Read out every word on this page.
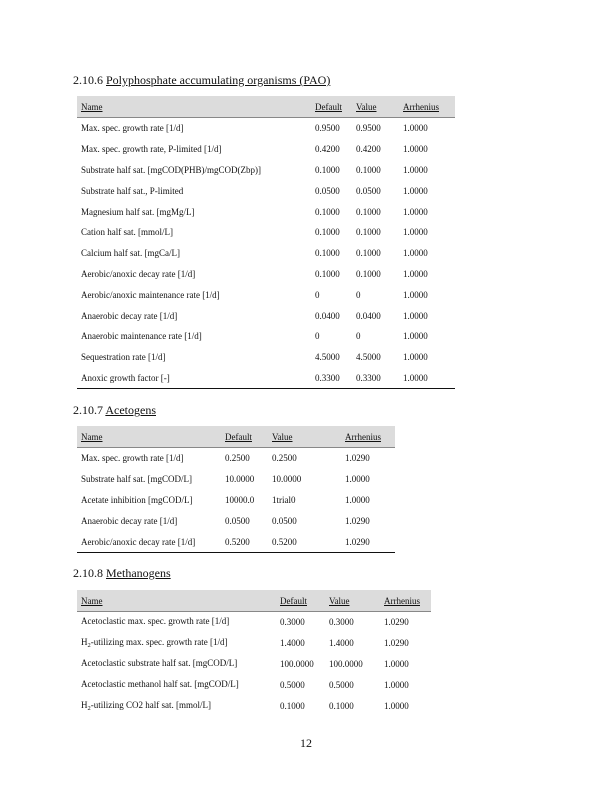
2.10.6 Polyphosphate accumulating organisms (PAO)
Name	Default	Value	Arrhenius
Max. spec. growth rate [1/d]	0.9500	0.9500	1.0000
Max. spec. growth rate, P-limited [1/d]	0.4200	0.4200	1.0000
Substrate half sat. [mgCOD(PHB)/mgCOD(Zbp)]	0.1000	0.1000	1.0000
Substrate half sat., P-limited	0.0500	0.0500	1.0000
Magnesium half sat. [mgMg/L]	0.1000	0.1000	1.0000
Cation half sat. [mmol/L]	0.1000	0.1000	1.0000
Calcium half sat. [mgCa/L]	0.1000	0.1000	1.0000
Aerobic/anoxic decay rate [1/d]	0.1000	0.1000	1.0000
Aerobic/anoxic maintenance rate [1/d]	0	0	1.0000
Anaerobic decay rate [1/d]	0.0400	0.0400	1.0000
Anaerobic maintenance rate [1/d]	0	0	1.0000
Sequestration rate [1/d]	4.5000	4.5000	1.0000
Anoxic growth factor [-]	0.3300	0.3300	1.0000
2.10.7 Acetogens
Name	Default	Value	Arrhenius
Max. spec. growth rate [1/d]	0.2500	0.2500	1.0290
Substrate half sat. [mgCOD/L]	10.0000	10.0000	1.0000
Acetate inhibition [mgCOD/L]	10000.0	1trial0	1.0000
Anaerobic decay rate [1/d]	0.0500	0.0500	1.0290
Aerobic/anoxic decay rate [1/d]	0.5200	0.5200	1.0290
2.10.8 Methanogens
Name	Default	Value	Arrhenius
Acetoclastic max. spec. growth rate [1/d]	0.3000	0.3000	1.0290
$H_2$-utilizing max. spec. growth rate [1/d]	1.4000	1.4000	1.0290
Acetoclastic substrate half sat. [mgCOD/L]	100.0000	100.0000	1.0000
Acetoclastic methanol half sat. [mgCOD/L]	0.5000	0.5000	1.0000
$H_2$-utilizing CO2 half sat. [mmol/L]	0.1000	0.1000	1.0000
12
